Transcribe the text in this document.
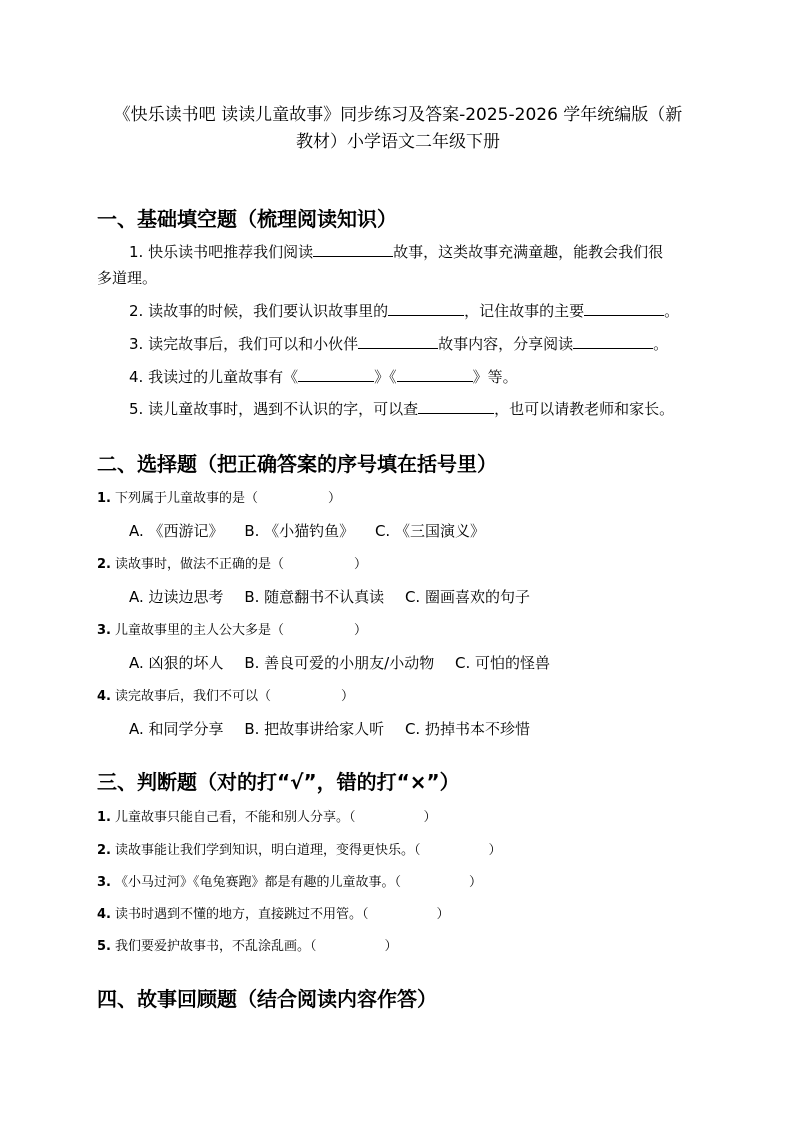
《快乐读书吧 读读儿童故事》同步练习及答案-2025-2026 学年统编版（新
教材）小学语文二年级下册
一、基础填空题（梳理阅读知识）
1. 快乐读书吧推荐我们阅读	故事，这类故事充满童趣，能教会我们很
多道理。
2. 读故事的时候，我们要认识故事里的	，记住故事的主要	。
3. 读完故事后，我们可以和小伙伴	故事内容，分享阅读	。
4. 我读过的儿童故事有《	》《	》等。
5. 读儿童故事时，遇到不认识的字，可以查	，也可以请教老师和家长。
二、选择题（把正确答案的序号填在括号里）
1. 下列属于儿童故事的是（	）
A. 《西游记》 B. 《小猫钓鱼》 C. 《三国演义》
2. 读故事时，做法不正确的是（	）
A. 边读边思考 B. 随意翻书不认真读 C. 圈画喜欢的句子
3. 儿童故事里的主人公大多是（	）
A. 凶狠的坏人 B. 善良可爱的小朋友/小动物 C. 可怕的怪兽
4. 读完故事后，我们不可以（	）
A. 和同学分享 B. 把故事讲给家人听 C. 扔掉书本不珍惜
三、判断题（对的打“√”，错的打“×”）
1. 儿童故事只能自己看，不能和别人分享。（	）
2. 读故事能让我们学到知识，明白道理，变得更快乐。（	）
3. 《小马过河》《龟兔赛跑》都是有趣的儿童故事。（	）
4. 读书时遇到不懂的地方，直接跳过不用管。（	）
5. 我们要爱护故事书，不乱涂乱画。（	）
四、故事回顾题（结合阅读内容作答）
